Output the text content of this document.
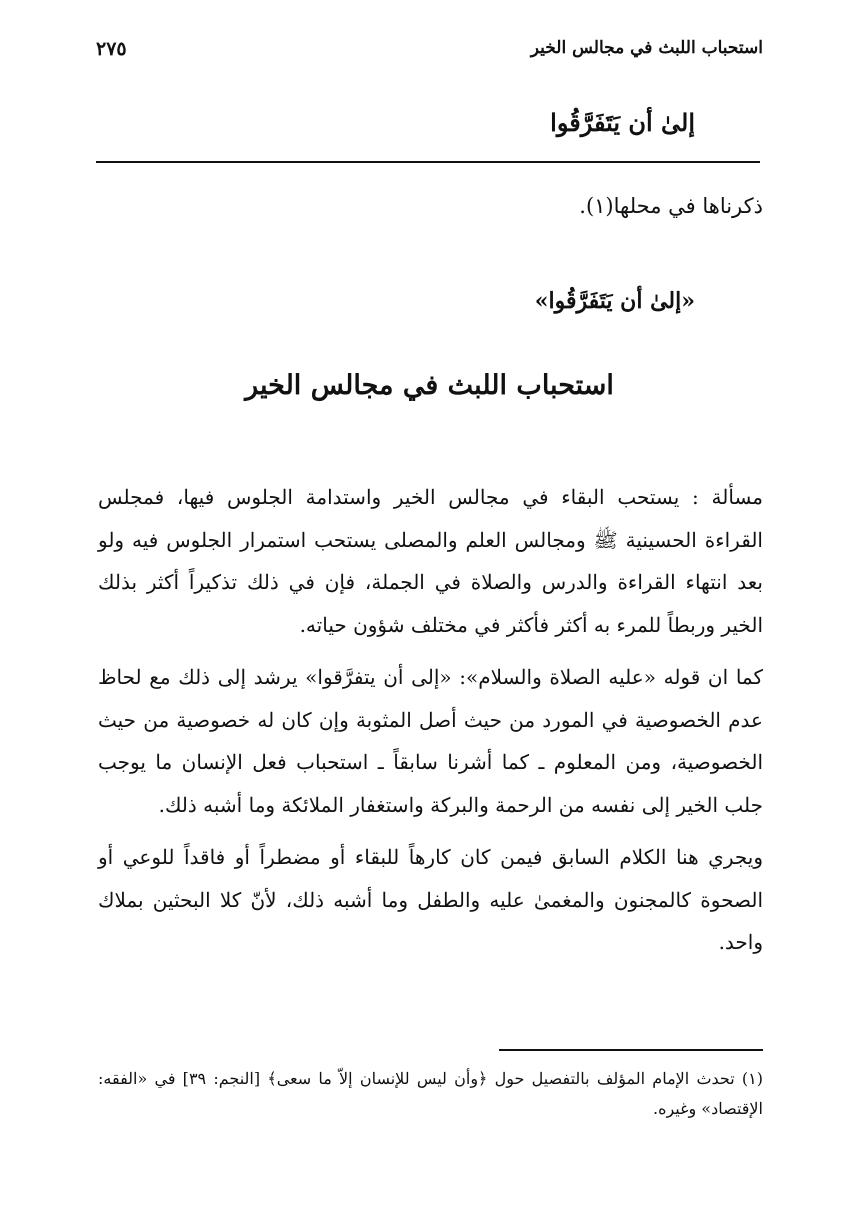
استحباب اللبث في مجالس الخير
٢٧٥
إلىٰ أن يَتَفَرَّقُوا
ذكرناها في محلها(١).
«إلىٰ أن يَتَفَرَّقُوا»
استحباب اللبث في مجالس الخير

مسألة : يستحب البقاء في مجالس الخير واستدامة الجلوس فيها، فمجلس القراءة الحسينية ﷺ ومجالس العلم والمصلى يستحب استمرار الجلوس فيه ولو بعد انتهاء القراءة والدرس والصلاة في الجملة، فإن في ذلك تذكيراً أكثر بذلك الخير وربطاً للمرء به أكثر فأكثر في مختلف شؤون حياته.

كما ان قوله «عليه الصلاة والسلام»: «إلى أن يتفرَّقوا» يرشد إلى ذلك مع لحاظ عدم الخصوصية في المورد من حيث أصل المثوبة وإن كان له خصوصية من حيث الخصوصية، ومن المعلوم ـ كما أشرنا سابقاً ـ استحباب فعل الإنسان ما يوجب جلب الخير إلى نفسه من الرحمة والبركة واستغفار الملائكة وما أشبه ذلك.

ويجري هنا الكلام السابق فيمن كان كارهاً للبقاء أو مضطراً أو فاقداً للوعي أو الصحوة كالمجنون والمغمىٰ عليه والطفل وما أشبه ذلك، لأنّ كلا البحثين بملاك واحد.

(١) تحدث الإمام المؤلف بالتفصيل حول ﴿وأن ليس للإنسان إلاّ ما سعى﴾ [النجم: ٣٩] في «الفقه: الإقتصاد» وغيره.
